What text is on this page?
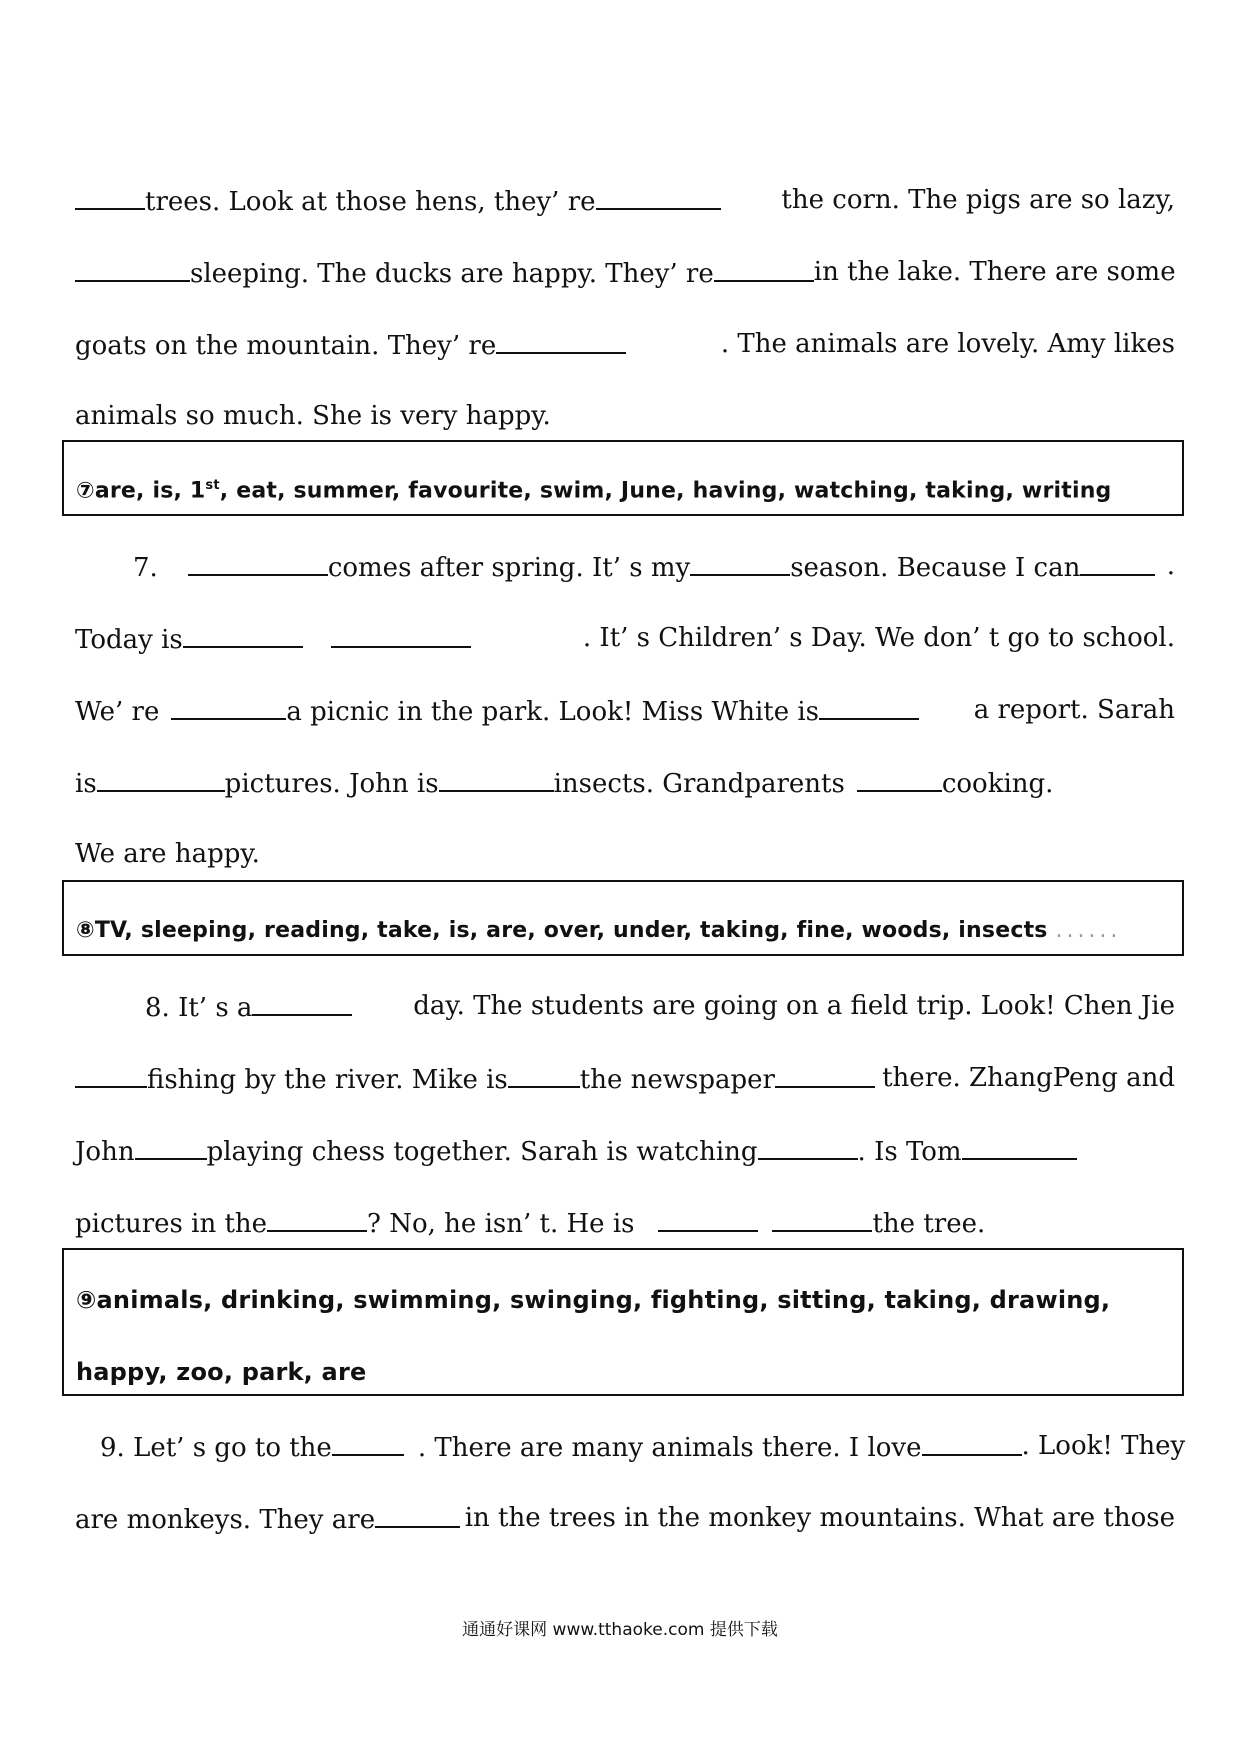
trees. Look at those hens, they’ re	the corn. The pigs are so lazy,
sleeping. The ducks are happy. They’ re	in the lake. There are some
goats on the mountain. They’ re	. The animals are lovely. Amy likes
animals so much. She is very happy.
⑦are, is, 1st, eat, summer, favourite, swim, June, having, watching, taking, writing
7.	comes after spring. It’ s my	season. Because I can	.
Today is	. It’ s Children’ s Day. We don’ t go to school.
We’ re	a picnic in the park. Look! Miss White is	a report. Sarah
is	pictures. John is	insects. Grandparents	cooking.
We are happy.
⑧TV, sleeping, reading, take, is, are, over, under, taking, fine, woods, insects ......
8. It’ s a	day. The students are going on a field trip. Look! Chen Jie
fishing by the river. Mike is	the newspaper	there. ZhangPeng and
John	playing chess together. Sarah is watching	. Is Tom
pictures in the	? No, he isn’ t. He is	the tree.
⑨animals, drinking, swimming, swinging, fighting, sitting, taking, drawing,
happy, zoo, park, are
9. Let’ s go to the	. There are many animals there. I love	. Look! They
are monkeys. They are	in the trees in the monkey mountains. What are those
通通好课网 www.tthaoke.com 提供下载
